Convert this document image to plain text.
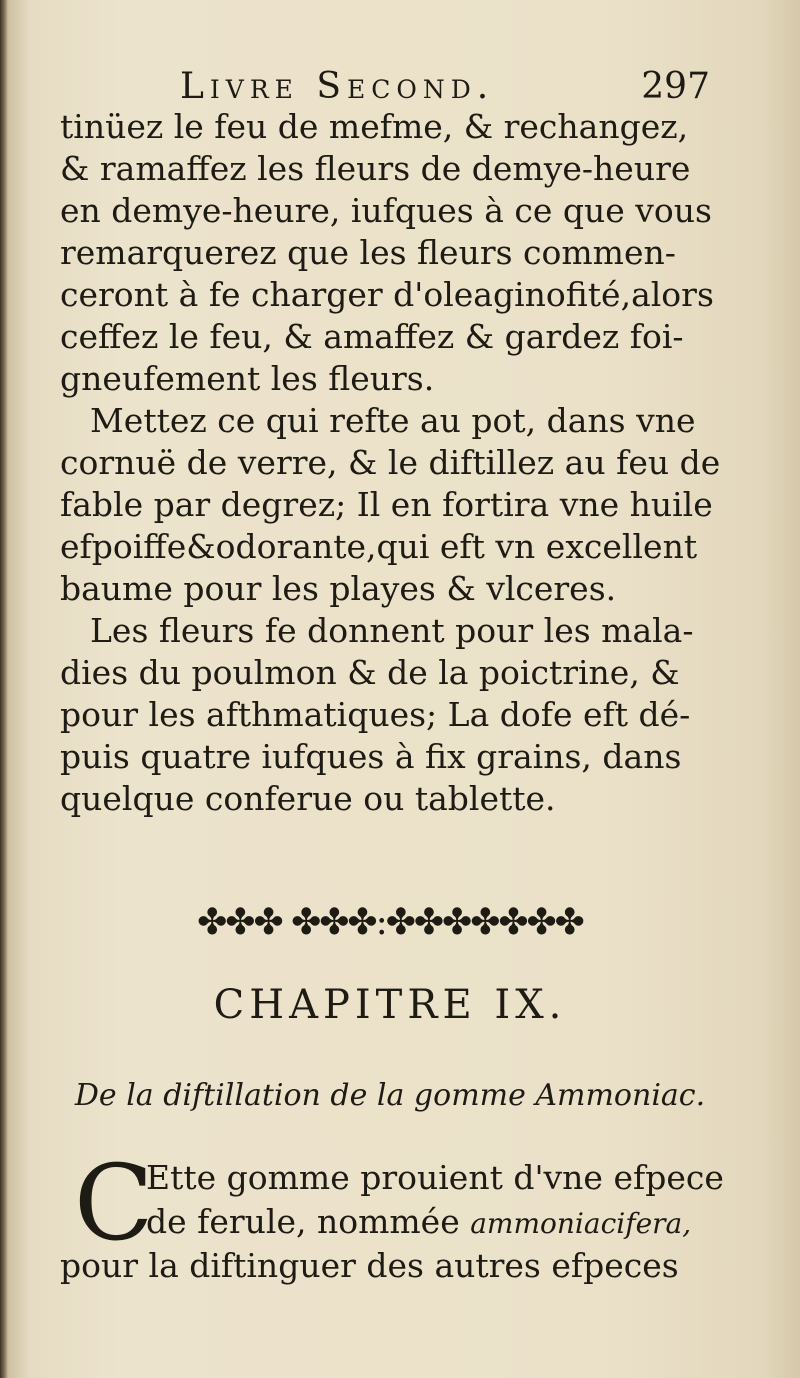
Livre Second.	297
tinüez le feu de mefme, & rechangez,
& ramaffez les fleurs de demye-heure
en demye-heure, iufques à ce que vous
remarquerez que les fleurs commen-
ceront à fe charger d'oleaginofité,alors
ceffez le feu, & amaffez & gardez foi-
gneufement les fleurs.
Mettez ce qui refte au pot, dans vne
cornuë de verre, & le diftillez au feu de
fable par degrez; Il en fortira vne huile
efpoiffe&odorante,qui eft vn excellent
baume pour les playes & vlceres.
Les fleurs fe donnent pour les mala-
dies du poulmon & de la poictrine, &
pour les afthmatiques; La dofe eft dé-
puis quatre iufques à fix grains, dans
quelque conferue ou tablette.
✤✤✤ ✤✤✤:✤✤✤✤✤✤✤
CHAPITRE IX.
De la diftillation de la gomme Ammoniac.
C
Ette gomme prouient d'vne efpece
de ferule, nommée ammoniacifera,
pour la diftinguer des autres efpeces
